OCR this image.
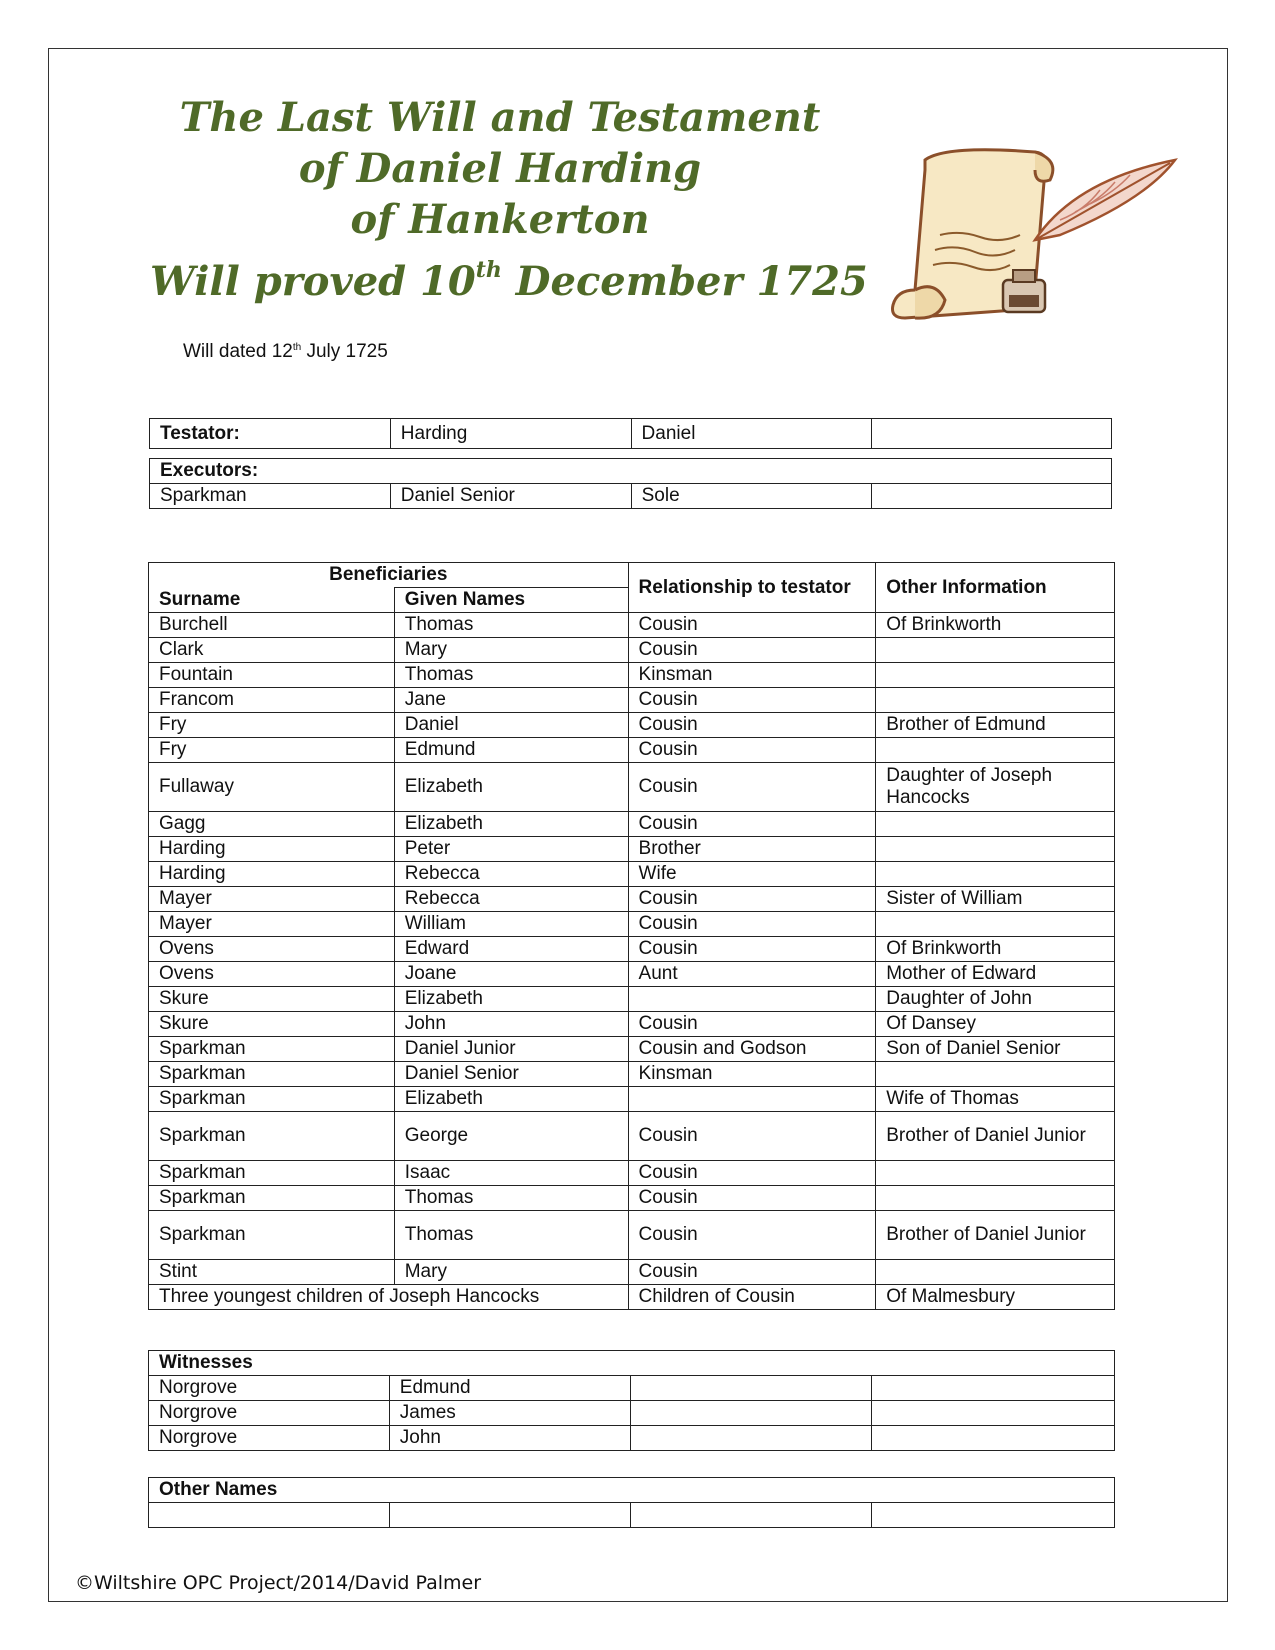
The Last Will and Testament
of Daniel Harding
of Hankerton
Will proved 10th December 1725
Will dated 12th July 1725
Testator:	Harding	Daniel	
Executors:
Sparkman	Daniel Senior	Sole	
Beneficiaries		Relationship to testator	Other Information
Surname	Given Names		
Burchell	Thomas	Cousin	Of Brinkworth
Clark	Mary	Cousin	
Fountain	Thomas	Kinsman	
Francom	Jane	Cousin	
Fry	Daniel	Cousin	Brother of Edmund
Fry	Edmund	Cousin	
Fullaway	Elizabeth	Cousin	Daughter of Joseph Hancocks
Gagg	Elizabeth	Cousin	
Harding	Peter	Brother	
Harding	Rebecca	Wife	
Mayer	Rebecca	Cousin	Sister of William
Mayer	William	Cousin	
Ovens	Edward	Cousin	Of Brinkworth
Ovens	Joane	Aunt	Mother of Edward
Skure	Elizabeth		Daughter of John
Skure	John	Cousin	Of Dansey
Sparkman	Daniel Junior	Cousin and Godson	Son of Daniel Senior
Sparkman	Daniel Senior	Kinsman	
Sparkman	Elizabeth		Wife of Thomas
Sparkman	George	Cousin	Brother of Daniel Junior
Sparkman	Isaac	Cousin	
Sparkman	Thomas	Cousin	
Sparkman	Thomas	Cousin	Brother of Daniel Junior
Stint	Mary	Cousin	
Three youngest children of Joseph Hancocks		Children of Cousin	Of Malmesbury
Witnesses			
Norgrove	Edmund		
Norgrove	James		
Norgrove	John		
Other Names

©Wiltshire OPC Project/2014/David Palmer
